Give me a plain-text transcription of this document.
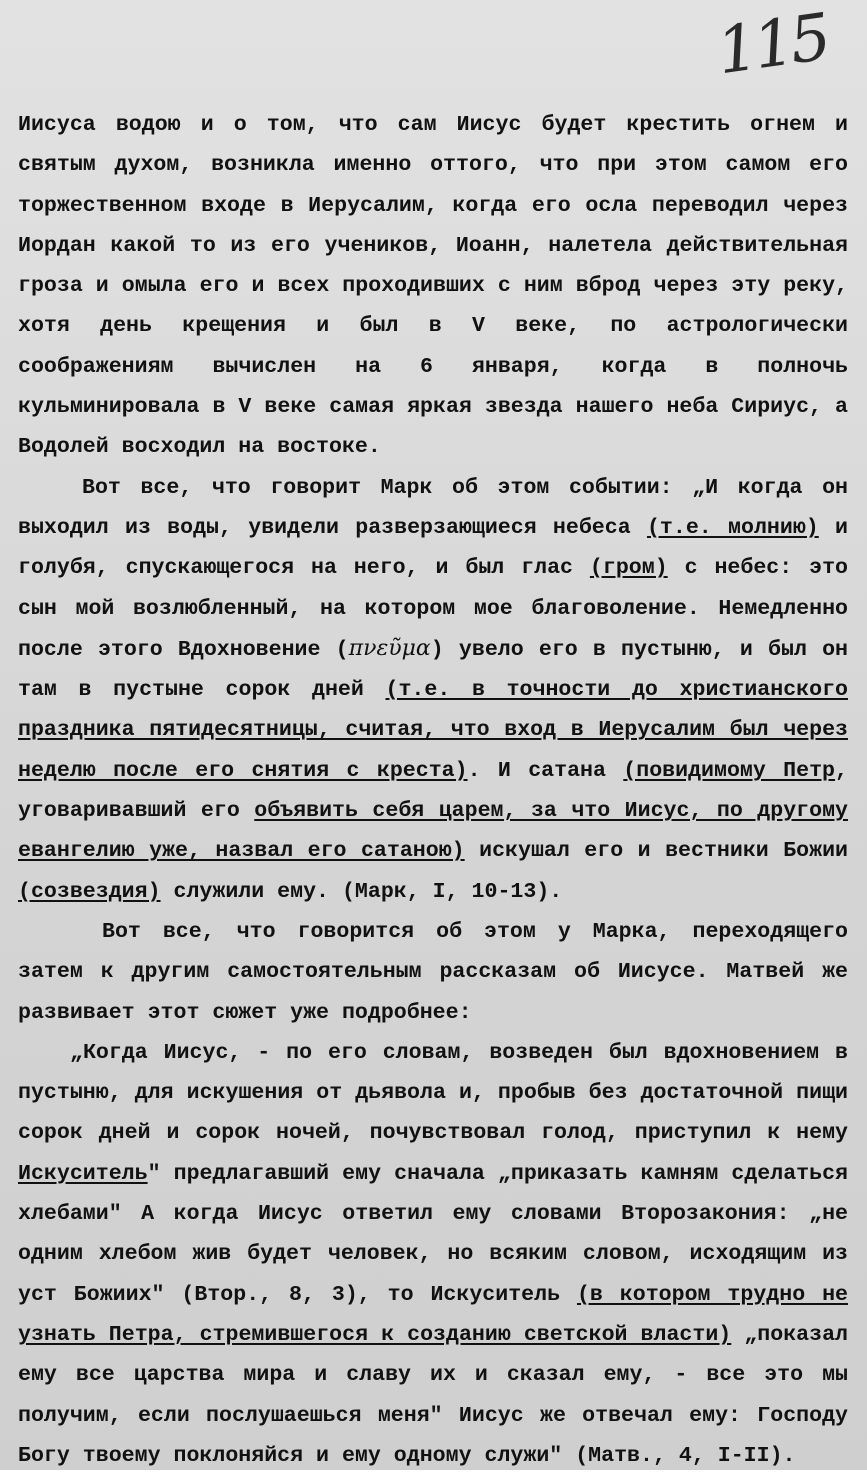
115

Иисуса водою и о том, что сам Иисус будет крестить огнем и святым духом, возникла именно оттого, что при этом самом его торжественном входе в Иерусалим, когда его осла переводил через Иордан какой то из его учеников, Иоанн, налетела действительная гроза и омыла его и всех проходивших с ним вброд через эту реку, хотя день крещения и был в V веке, по астрологически соображениям вычислен на 6 января, когда в полночь кульминировала в V веке самая яркая звезда нашего неба Сириус, а Водолей восходил на востоке.

Вот все, что говорит Марк об этом событии: „И когда он выходил из воды, увидели разверзающиеся небеса (т.е. молнию) и голубя, спускающегося на него, и был глас (гром) с небес: это сын мой возлюбленный, на котором мое благоволение. Немедленно после этого Вдохновение (πνεῦμα) увело его в пустыню, и был он там в пустыне сорок дней (т.е. в точности до христианского праздника пятидесятницы, считая, что вход в Иерусалим был через неделю после его снятия с креста). И сатана (повидимому Петр, уговаривавший его объявить себя царем, за что Иисус, по другому евангелию уже, назвал его сатаною) искушал его и вестники Божии (созвездия) служили ему. (Марк, I, 10-13).

Вот все, что говорится об этом у Марка, переходящего затем к другим самостоятельным рассказам об Иисусе. Матвей же развивает этот сюжет уже подробнее:

„Когда Иисус, - по его словам, возведен был вдохновением в пустыню, для искушения от дьявола и, пробыв без достаточной пищи сорок дней и сорок ночей, почувствовал голод, приступил к нему Искуситель" предлагавший ему сначала „приказать камням сделаться хлебами" А когда Иисус ответил ему словами Второзакония: „не одним хлебом жив будет человек, но всяким словом, исходящим из уст Божиих" (Втор., 8, 3), то Искуситель (в котором трудно не узнать Петра, стремившегося к созданию светской власти) „показал ему все царства мира и славу их и сказал ему, - все это мы получим, если послушаешься меня" Иисус же отвечал ему: Господу Богу твоему поклоняйся и ему одному служи" (Матв., 4, I-II).
